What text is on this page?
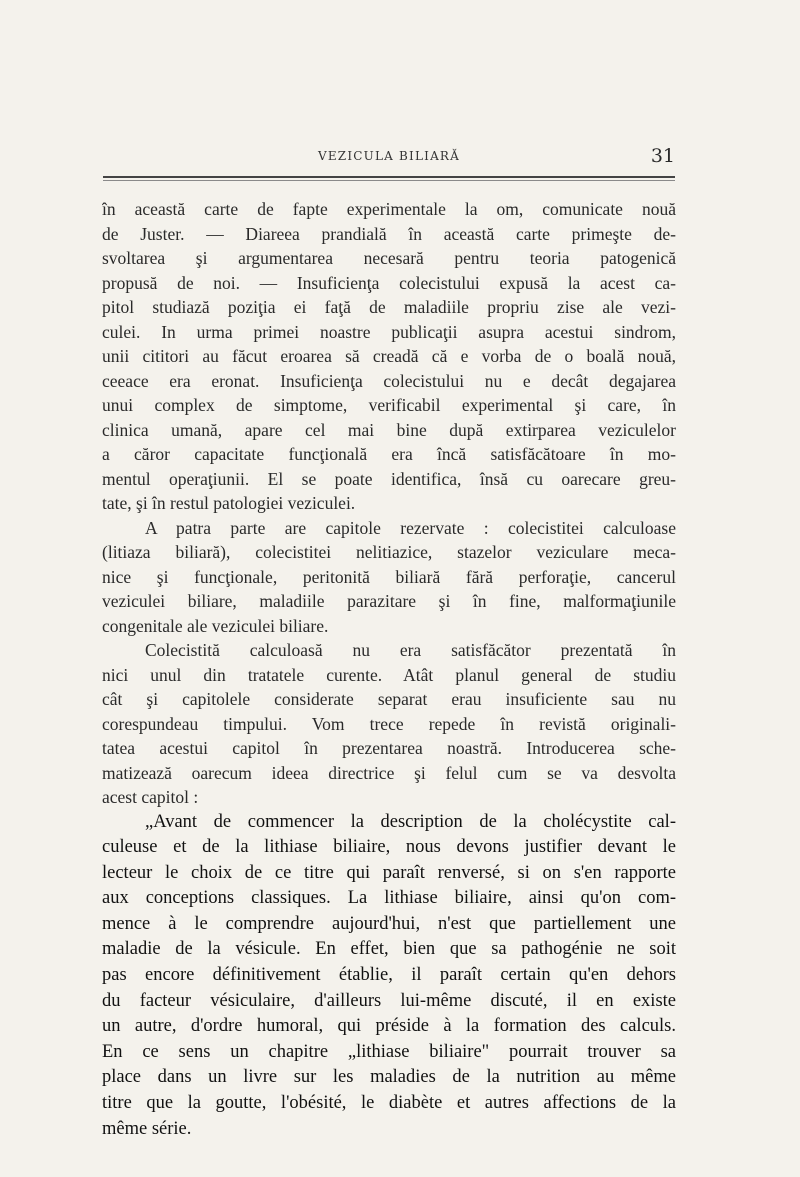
VEZICULA BILIARĂ	31
în această carte de fapte experimentale la om, comunicate nouă
de Juster. — Diareea prandială în această carte primeşte de-
svoltarea şi argumentarea necesară pentru teoria patogenică
propusă de noi. — Insuficienţa colecistului expusă la acest ca-
pitol studiază poziţia ei faţă de maladiile propriu zise ale vezi-
culei. In urma primei noastre publicaţii asupra acestui sindrom,
unii cititori au făcut eroarea să creadă că e vorba de o boală nouă,
ceeace era eronat. Insuficienţa colecistului nu e decât degajarea
unui complex de simptome, verificabil experimental şi care, în
clinica umană, apare cel mai bine după extirparea veziculelor
a căror capacitate funcţională era încă satisfăcătoare în mo-
mentul operaţiunii. El se poate identifica, însă cu oarecare greu-
tate, şi în restul patologiei veziculei.
A patra parte are capitole rezervate : colecistitei calculoase
(litiaza biliară), colecistitei nelitiazice, stazelor veziculare meca-
nice şi funcţionale, peritonită biliară fără perforaţie, cancerul
veziculei biliare, maladiile parazitare şi în fine, malformaţiunile
congenitale ale veziculei biliare.
Colecistită calculoasă nu era satisfăcător prezentată în
nici unul din tratatele curente. Atât planul general de studiu
cât şi capitolele considerate separat erau insuficiente sau nu
corespundeau timpului. Vom trece repede în revistă originali-
tatea acestui capitol în prezentarea noastră. Introducerea sche-
matizează oarecum ideea directrice şi felul cum se va desvolta
acest capitol :
„Avant de commencer la description de la cholécystite cal-
culeuse et de la lithiase biliaire, nous devons justifier devant le
lecteur le choix de ce titre qui paraît renversé, si on s'en rapporte
aux conceptions classiques. La lithiase biliaire, ainsi qu'on com-
mence à le comprendre aujourd'hui, n'est que partiellement une
maladie de la vésicule. En effet, bien que sa pathogénie ne soit
pas encore définitivement établie, il paraît certain qu'en dehors
du facteur vésiculaire, d'ailleurs lui-même discuté, il en existe
un autre, d'ordre humoral, qui préside à la formation des calculs.
En ce sens un chapitre „lithiase biliaire" pourrait trouver sa
place dans un livre sur les maladies de la nutrition au même
titre que la goutte, l'obésité, le diabète et autres affections de la
même série.
